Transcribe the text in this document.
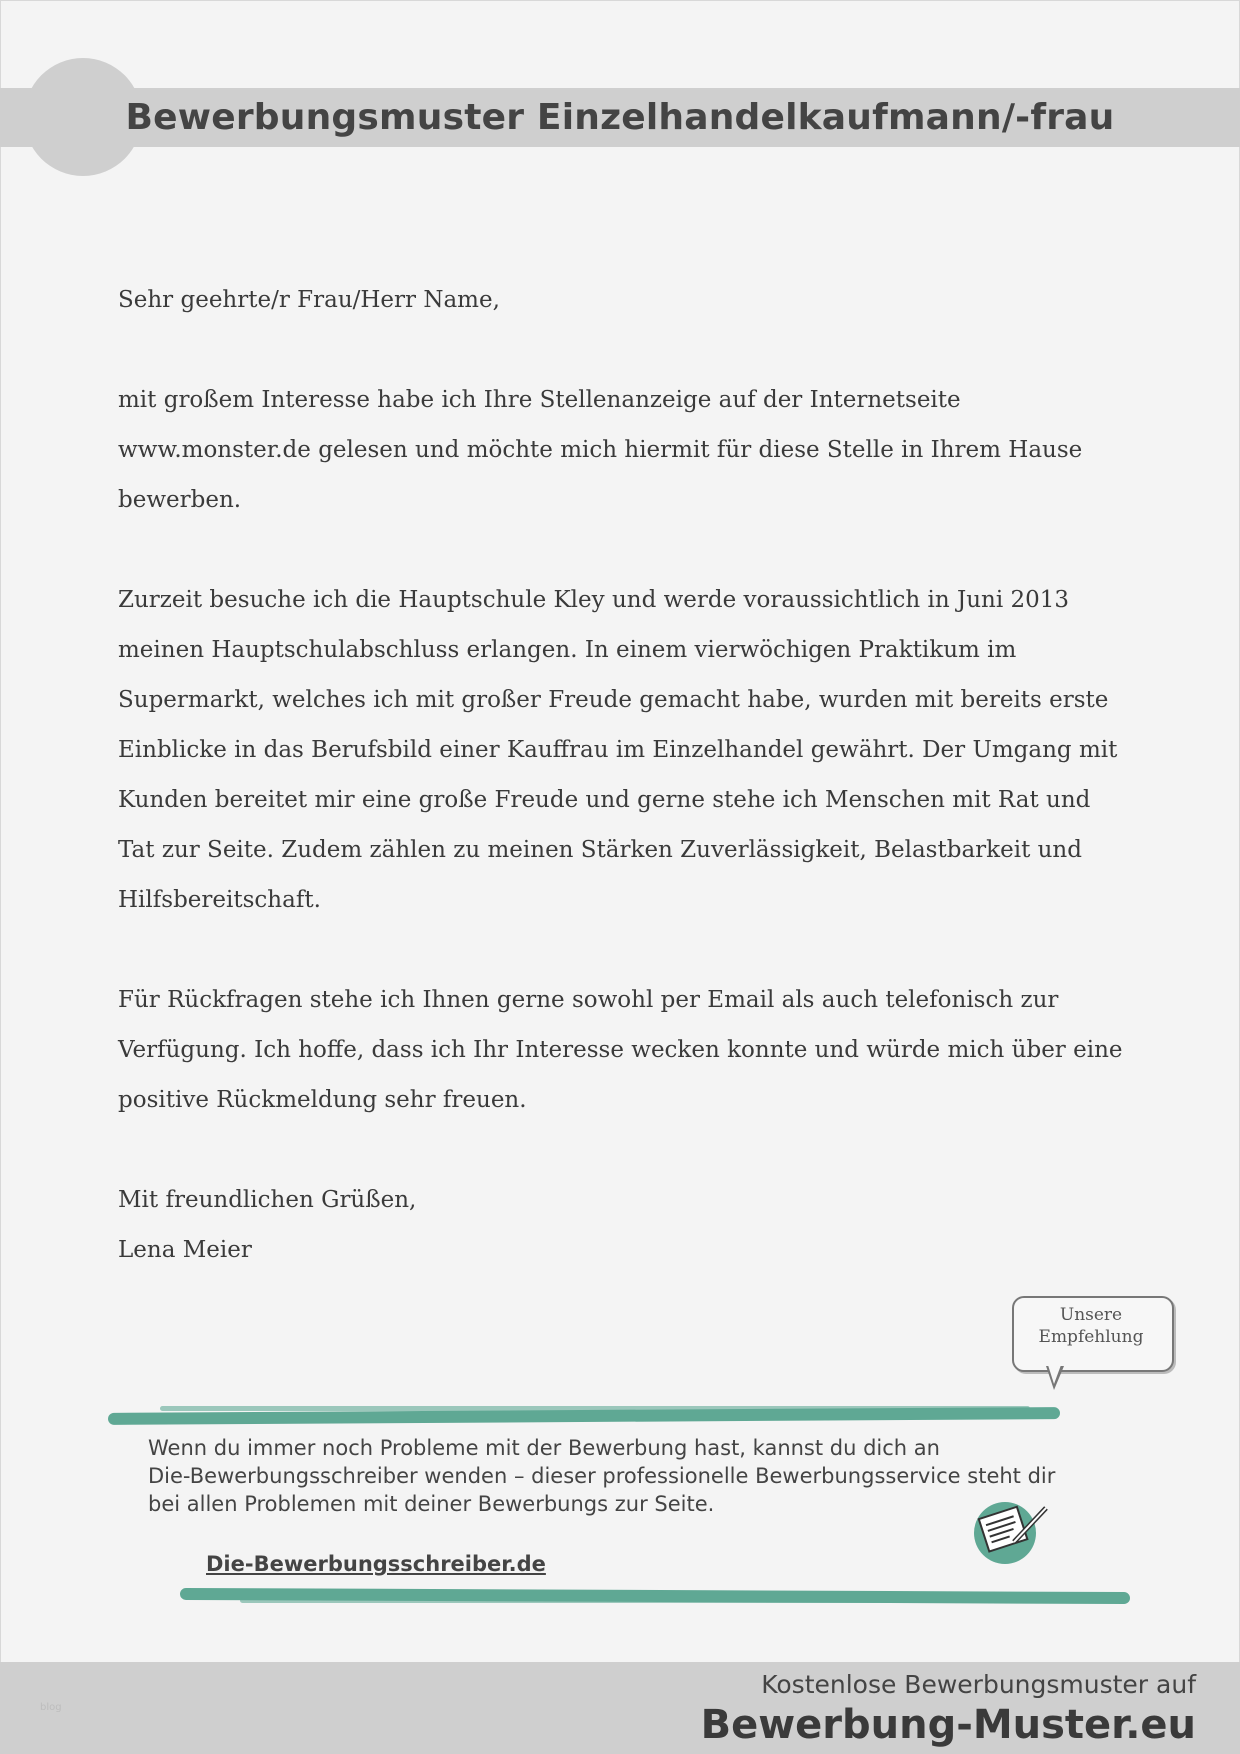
Bewerbungsmuster Einzelhandelkaufmann/-frau

Sehr geehrte/r Frau/Herr Name,

mit großem Interesse habe ich Ihre Stellenanzeige auf der Internetseite

www.monster.de gelesen und möchte mich hiermit für diese Stelle in Ihrem Hause

bewerben.

Zurzeit besuche ich die Hauptschule Kley und werde voraussichtlich in Juni 2013

meinen Hauptschulabschluss erlangen. In einem vierwöchigen Praktikum im

Supermarkt, welches ich mit großer Freude gemacht habe, wurden mit bereits erste

Einblicke in das Berufsbild einer Kauffrau im Einzelhandel gewährt. Der Umgang mit

Kunden bereitet mir eine große Freude und gerne stehe ich Menschen mit Rat und

Tat zur Seite. Zudem zählen zu meinen Stärken Zuverlässigkeit, Belastbarkeit und

Hilfsbereitschaft.

Für Rückfragen stehe ich Ihnen gerne sowohl per Email als auch telefonisch zur

Verfügung. Ich hoffe, dass ich Ihr Interesse wecken konnte und würde mich über eine

positive Rückmeldung sehr freuen.

Mit freundlichen Grüßen,

Lena Meier

Unsere
Empfehlung

Wenn du immer noch Probleme mit der Bewerbung hast, kannst du dich an

Die-Bewerbungsschreiber wenden – dieser professionelle Bewerbungsservice steht dir

bei allen Problemen mit deiner Bewerbungs zur Seite.

Die-Bewerbungsschreiber.de
blog
Kostenlose Bewerbungsmuster auf
Bewerbung-Muster.eu
